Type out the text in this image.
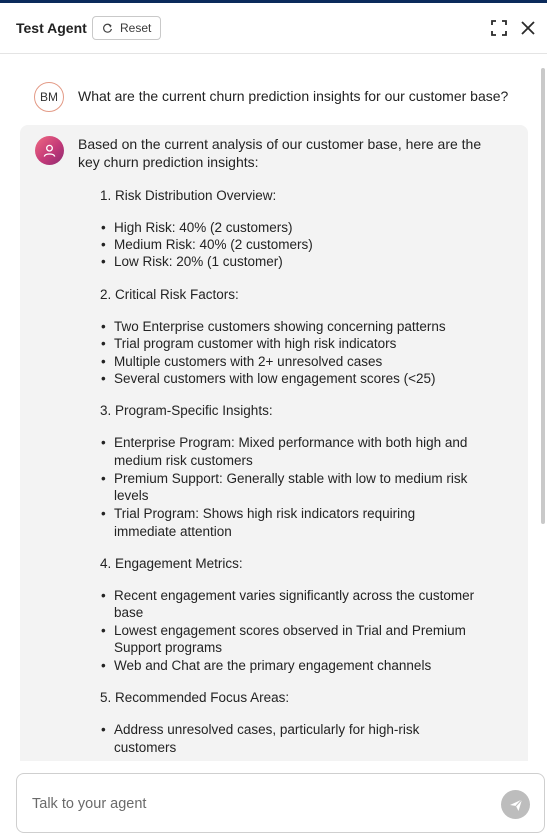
Test Agent	Reset
BM	What are the current churn prediction insights for our customer base?

Based on the current analysis of our customer base, here are the key churn prediction insights:

1. Risk Distribution Overview:
• High Risk: 40% (2 customers)
• Medium Risk: 40% (2 customers)
• Low Risk: 20% (1 customer)
2. Critical Risk Factors:
• Two Enterprise customers showing concerning patterns
• Trial program customer with high risk indicators
• Multiple customers with 2+ unresolved cases
• Several customers with low engagement scores (<25)
3. Program-Specific Insights:
• Enterprise Program: Mixed performance with both high and
medium risk customers
• Premium Support: Generally stable with low to medium risk
levels
• Trial Program: Shows high risk indicators requiring
immediate attention
4. Engagement Metrics:
• Recent engagement varies significantly across the customer
base
• Lowest engagement scores observed in Trial and Premium
Support programs
• Web and Chat are the primary engagement channels
5. Recommended Focus Areas:
• Address unresolved cases, particularly for high-risk
customers
Talk to your agent
